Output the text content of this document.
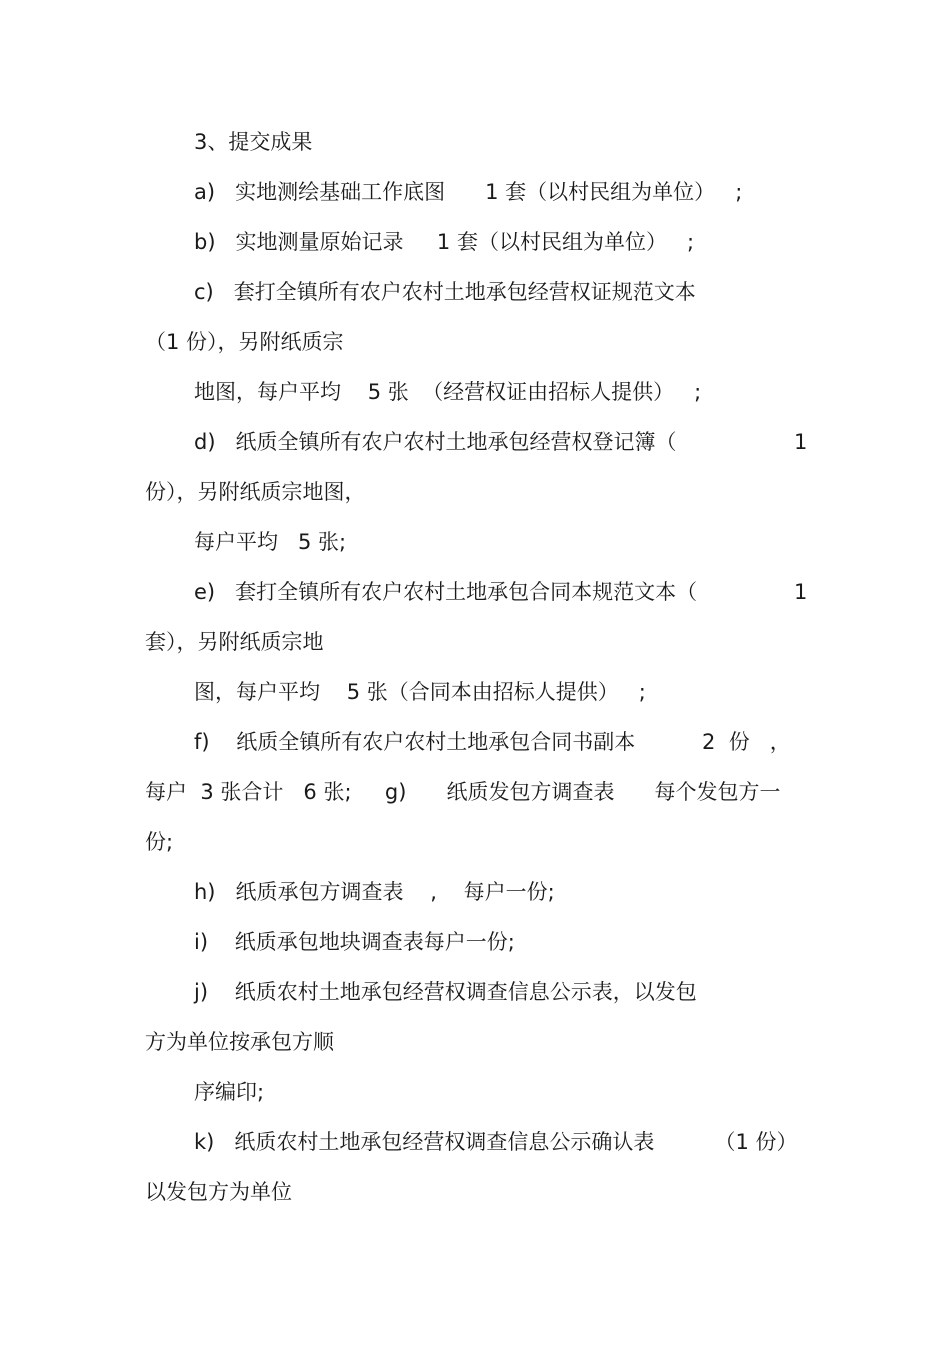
3、提交成果
a)   实地测绘基础工作底图      1 套（以村民组为单位）   ;
b)   实地测量原始记录     1 套（以村民组为单位）   ;
c)   套打全镇所有农户农村土地承包经营权证规范文本
（1 份），另附纸质宗
地图，每户平均    5 张  （经营权证由招标人提供）   ;
d)   纸质全镇所有农户农村土地承包经营权登记簿（	1
份），另附纸质宗地图，
每户平均   5 张;
e)   套打全镇所有农户农村土地承包合同本规范文本（	1
套），另附纸质宗地
图，每户平均    5 张（合同本由招标人提供）   ;
f)    纸质全镇所有农户农村土地承包合同书副本          2  份   ，
每户  3 张合计   6 张;     g)      纸质发包方调查表      每个发包方一
份;
h)   纸质承包方调查表    ,    每户一份;
i)    纸质承包地块调查表每户一份;
j)    纸质农村土地承包经营权调查信息公示表，以发包
方为单位按承包方顺
序编印;
k)   纸质农村土地承包经营权调查信息公示确认表         （1 份）
以发包方为单位
